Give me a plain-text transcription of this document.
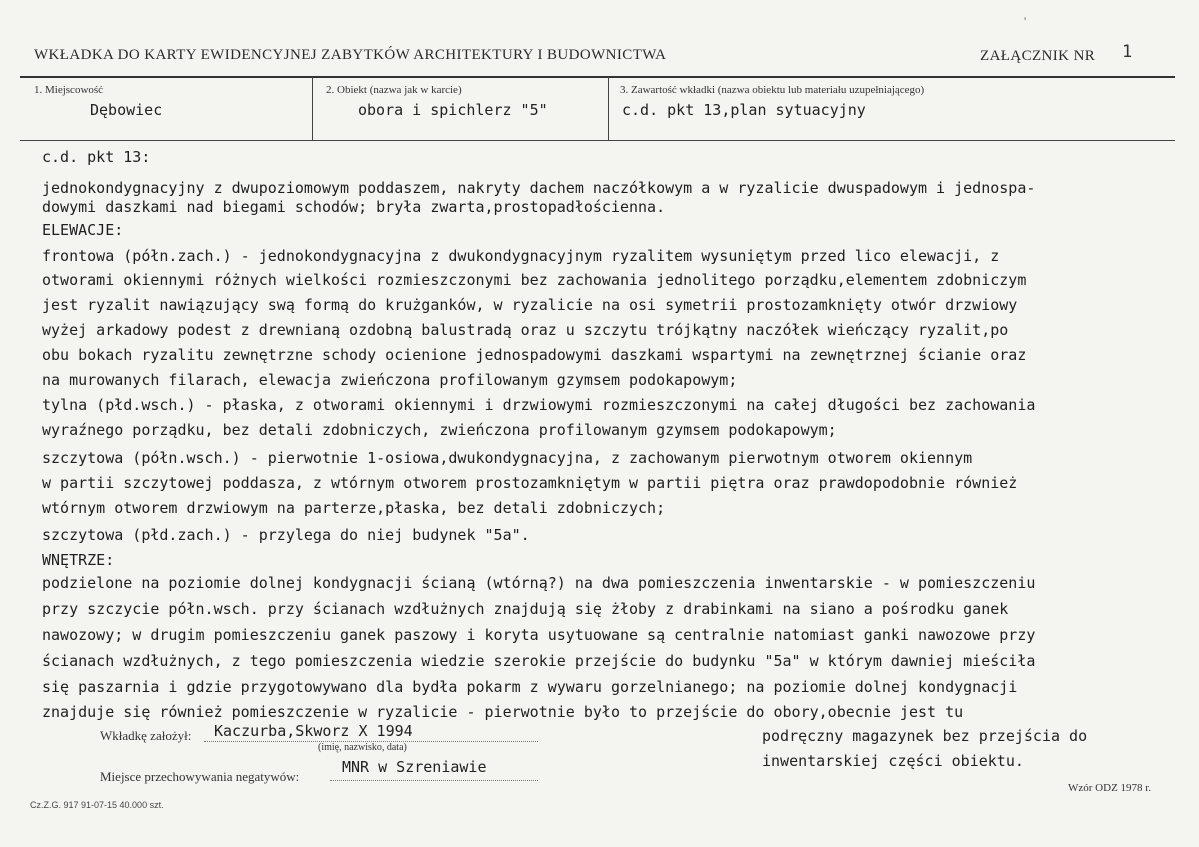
'
WKŁADKA DO KARTY EWIDENCYJNEJ ZABYTKÓW ARCHITEKTURY I BUDOWNICTWA	ZAŁĄCZNIK NR 1
1. Miejscowość
Dębowiec
2. Obiekt (nazwa jak w karcie)
obora i spichlerz "5"
3. Zawartość wkładki (nazwa obiektu lub materiału uzupełniającego)
c.d. pkt 13,plan sytuacyjny
c.d. pkt 13:
jednokondygnacyjny z dwupoziomowym poddaszem, nakryty dachem naczółkowym a w ryzalicie dwuspadowym i jednospa-
dowymi daszkami nad biegami schodów; bryła zwarta,prostopadłościenna.
ELEWACJE:
frontowa (półn.zach.) - jednokondygnacyjna z dwukondygnacyjnym ryzalitem wysuniętym przed lico elewacji, z
otworami okiennymi różnych wielkości rozmieszczonymi bez zachowania jednolitego porządku,elementem zdobniczym
jest ryzalit nawiązujący swą formą do krużganków, w ryzalicie na osi symetrii prostozamknięty otwór drzwiowy
wyżej arkadowy podest z drewnianą ozdobną balustradą oraz u szczytu trójkątny naczółek wieńczący ryzalit,po
obu bokach ryzalitu zewnętrzne schody ocienione jednospadowymi daszkami wspartymi na zewnętrznej ścianie oraz
na murowanych filarach, elewacja zwieńczona profilowanym gzymsem podokapowym;
tylna (płd.wsch.) - płaska, z otworami okiennymi i drzwiowymi rozmieszczonymi na całej długości bez zachowania
wyraźnego porządku, bez detali zdobniczych, zwieńczona profilowanym gzymsem podokapowym;
szczytowa (półn.wsch.) - pierwotnie 1-osiowa,dwukondygnacyjna, z zachowanym pierwotnym otworem okiennym
w partii szczytowej poddasza, z wtórnym otworem prostozamkniętym w partii piętra oraz prawdopodobnie również
wtórnym otworem drzwiowym na parterze,płaska, bez detali zdobniczych;
szczytowa (płd.zach.) - przylega do niej budynek "5a".
WNĘTRZE:
podzielone na poziomie dolnej kondygnacji ścianą (wtórną?) na dwa pomieszczenia inwentarskie - w pomieszczeniu
przy szczycie półn.wsch. przy ścianach wzdłużnych znajdują się żłoby z drabinkami na siano a pośrodku ganek
nawozowy; w drugim pomieszczeniu ganek paszowy i koryta usytuowane są centralnie natomiast ganki nawozowe przy
ścianach wzdłużnych, z tego pomieszczenia wiedzie szerokie przejście do budynku "5a" w którym dawniej mieściła
się paszarnia i gdzie przygotowywano dla bydła pokarm z wywaru gorzelnianego; na poziomie dolnej kondygnacji
znajduje się również pomieszczenie w ryzalicie - pierwotnie było to przejście do obory,obecnie jest tu
podręczny magazynek bez przejścia do
inwentarskiej części obiektu.
Wkładkę założył: Kaczurba,Skworz X 1994
(imię, nazwisko, data)
Miejsce przechowywania negatywów:
MNR w Szreniawie
Wzór ODZ 1978 r.
Cz.Z.G. 917 91-07-15 40.000 szt.
